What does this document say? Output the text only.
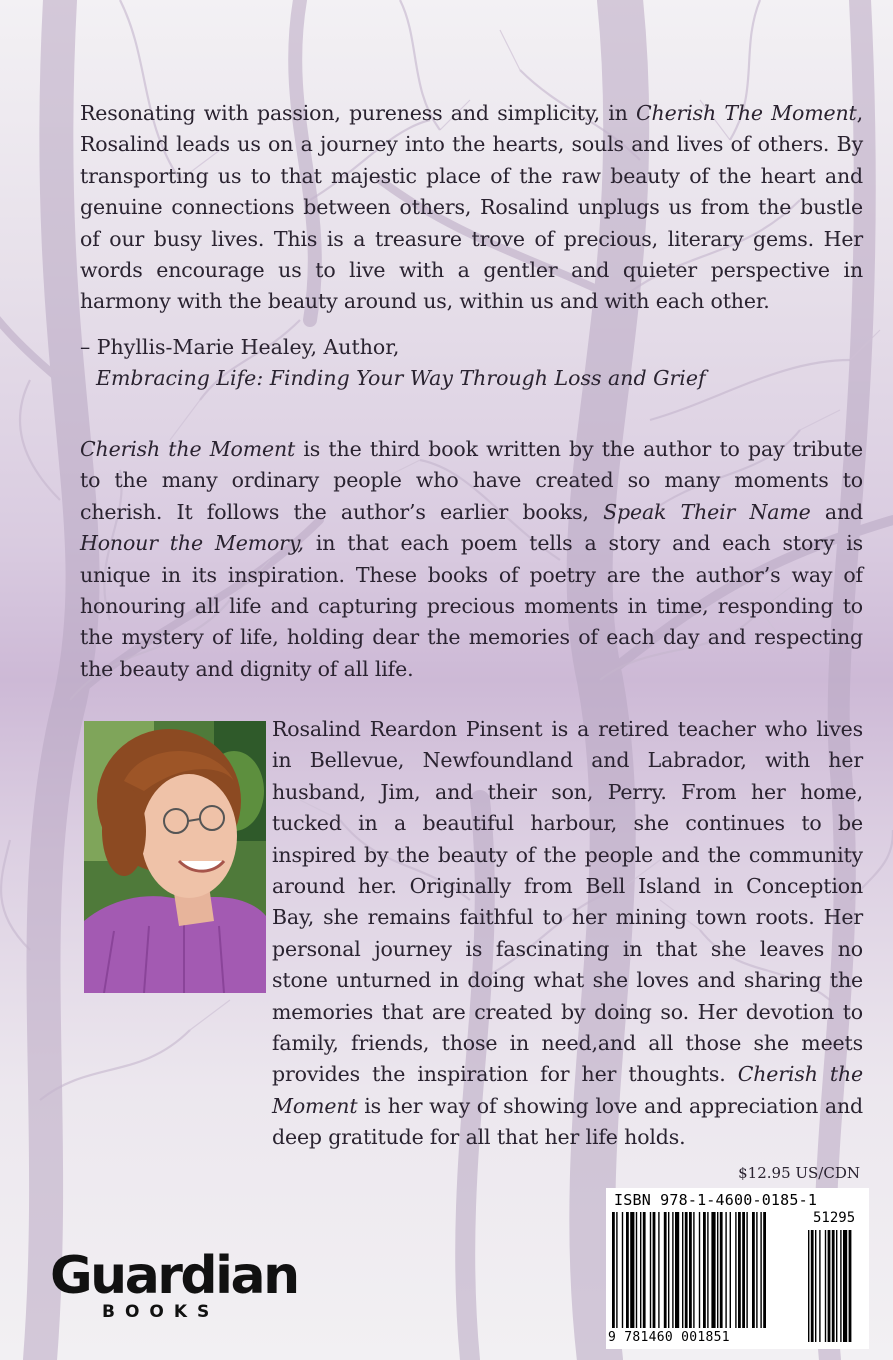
Resonating with passion, pureness and simplicity, in Cherish The Moment, Rosalind leads us on a journey into the hearts, souls and lives of others. By transporting us to that majestic place of the raw beauty of the heart and genuine connections between others, Rosalind unplugs us from the bustle of our busy lives. This is a treasure trove of precious, literary gems. Her words encourage us to live with a gentler and quieter perspective in harmony with the beauty around us, within us and with each other.

– Phyllis-Marie Healey, Author,
Embracing Life: Finding Your Way Through Loss and Grief

Cherish the Moment is the third book written by the author to pay tribute to the many ordinary people who have created so many moments to cherish. It follows the author’s earlier books, Speak Their Name and Honour the Memory, in that each poem tells a story and each story is unique in its inspiration. These books of poetry are the author’s way of honouring all life and capturing precious moments in time, responding to the mystery of life, holding dear the memories of each day and respecting the beauty and dignity of all life.

Rosalind Reardon Pinsent is a retired teacher who lives in Bellevue, Newfoundland and Labrador, with her husband, Jim, and their son, Perry. From her home, tucked in a beautiful harbour, she continues to be inspired by the beauty of the people and the community around her. Originally from Bell Island in Conception Bay, she remains faithful to her mining town roots. Her personal journey is fascinating in that she leaves no stone unturned in doing what she loves and sharing the memories that are created by doing so. Her devotion to family, friends, those in need,and all those she meets provides the inspiration for her thoughts. Cherish the Moment is her way of showing love and appreciation and deep gratitude for all that her life holds.

$12.95 US/CDN
ISBN 978-1-4600-0185-1
51295
9 781460 001851
Guardian
BOOKS
